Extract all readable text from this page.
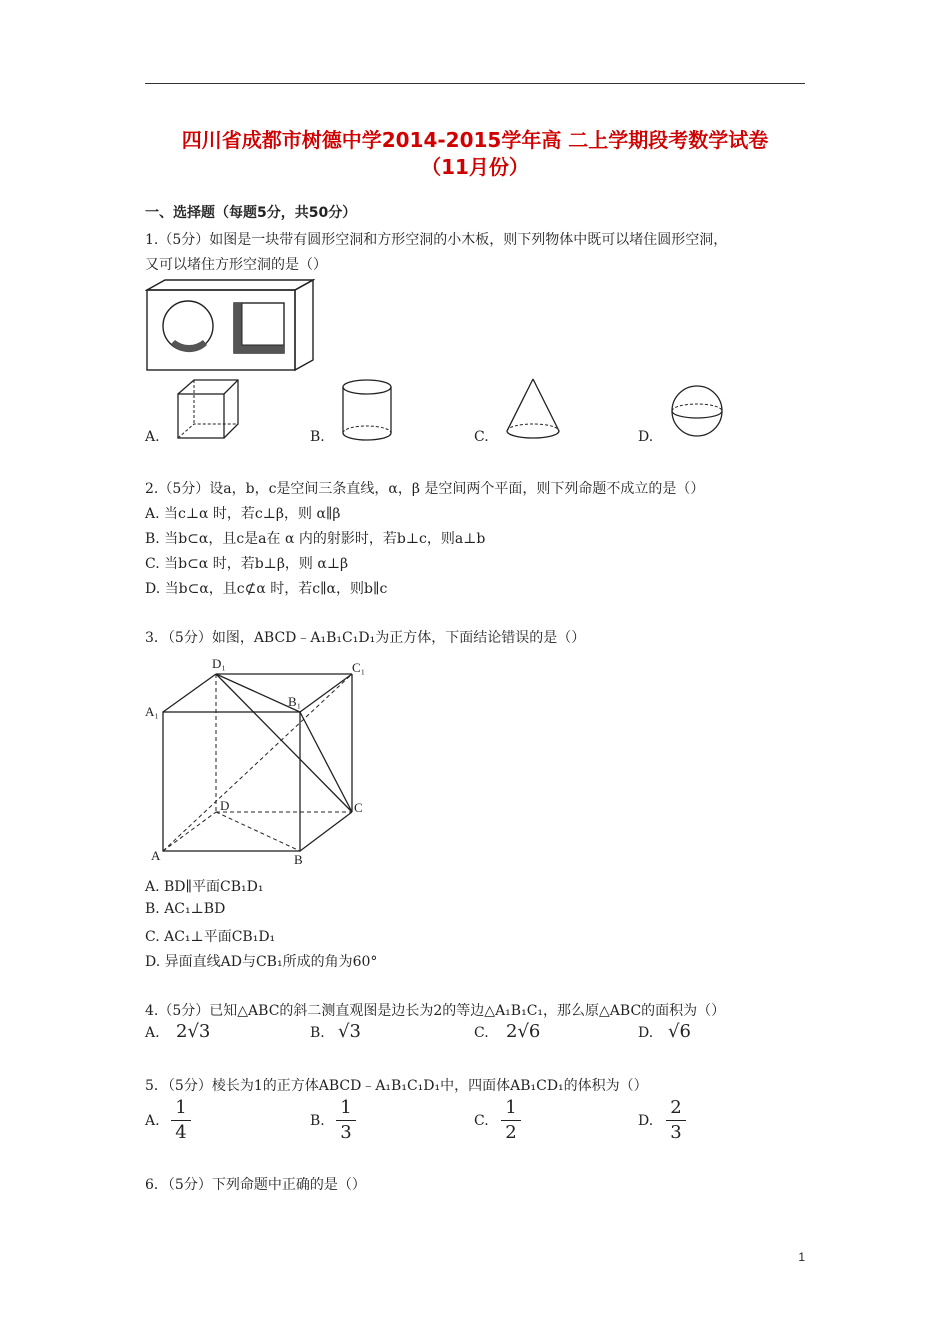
四川省成都市树德中学2014-2015学年高 二上学期段考数学试卷
（11月份）
一、选择题（每题5分，共50分）
1.（5分）如图是一块带有圆形空洞和方形空洞的小木板，则下列物体中既可以堵住圆形空洞，
又可以堵住方形空洞的是（）
A.	B.	C.	D.
2.（5分）设a，b，c是空间三条直线，α，β 是空间两个平面，则下列命题不成立的是（）
A. 当c⊥α 时，若c⊥β，则 α∥β
B. 当b⊂α，且c是a在 α 内的射影时，若b⊥c，则a⊥b
C. 当b⊂α 时，若b⊥β，则 α⊥β
D. 当b⊂α，且c⊄α 时，若c∥α，则b∥c
3．（5分）如图，ABCD﹣A₁B₁C₁D₁为正方体，下面结论错误的是（）
D₁	C₁
A₁
B₁
D	C
A	B
A. BD∥平面CB₁D₁
B. AC₁⊥BD
C. AC₁⊥平面CB₁D₁
D. 异面直线AD与CB₁所成的角为60°
4.（5分）已知△ABC的斜二测直观图是边长为2的等边△A₁B₁C₁，那么原△ABC的面积为（）
A. 2√3	B. √3	C. 2√6	D. √6
5．（5分）棱长为1的正方体ABCD﹣A₁B₁C₁D₁中，四面体AB₁CD₁的体积为（）
A.
1
4
B.
1
3
C.
1
2
D.
2
3
6．（5分）下列命题中正确的是（）
1
